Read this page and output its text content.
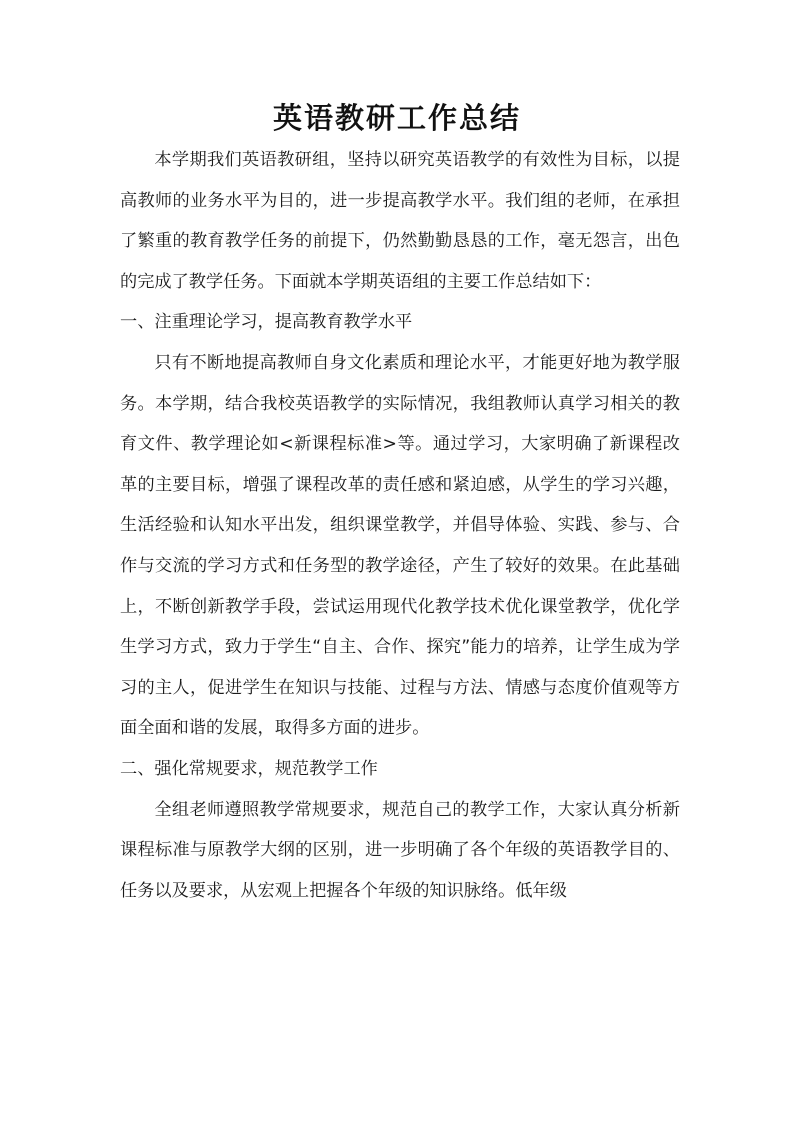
英语教研工作总结

本学期我们英语教研组，坚持以研究英语教学的有效性为目标，以提高教师的业务水平为目的，进一步提高教学水平。我们组的老师，在承担了繁重的教育教学任务的前提下，仍然勤勤恳恳的工作，毫无怨言，出色的完成了教学任务。下面就本学期英语组的主要工作总结如下：

一、注重理论学习，提高教育教学水平

只有不断地提高教师自身文化素质和理论水平，才能更好地为教学服务。本学期，结合我校英语教学的实际情况，我组教师认真学习相关的教育文件、教学理论如<新课程标准>等。通过学习，大家明确了新课程改革的主要目标，增强了课程改革的责任感和紧迫感，从学生的学习兴趣，生活经验和认知水平出发，组织课堂教学，并倡导体验、实践、参与、合作与交流的学习方式和任务型的教学途径，产生了较好的效果。在此基础上，不断创新教学手段，尝试运用现代化教学技术优化课堂教学，优化学生学习方式，致力于学生“自主、合作、探究”能力的培养，让学生成为学习的主人，促进学生在知识与技能、过程与方法、情感与态度价值观等方面全面和谐的发展，取得多方面的进步。

二、强化常规要求，规范教学工作

全组老师遵照教学常规要求，规范自己的教学工作，大家认真分析新课程标准与原教学大纲的区别，进一步明确了各个年级的英语教学目的、任务以及要求，从宏观上把握各个年级的知识脉络。低年级
